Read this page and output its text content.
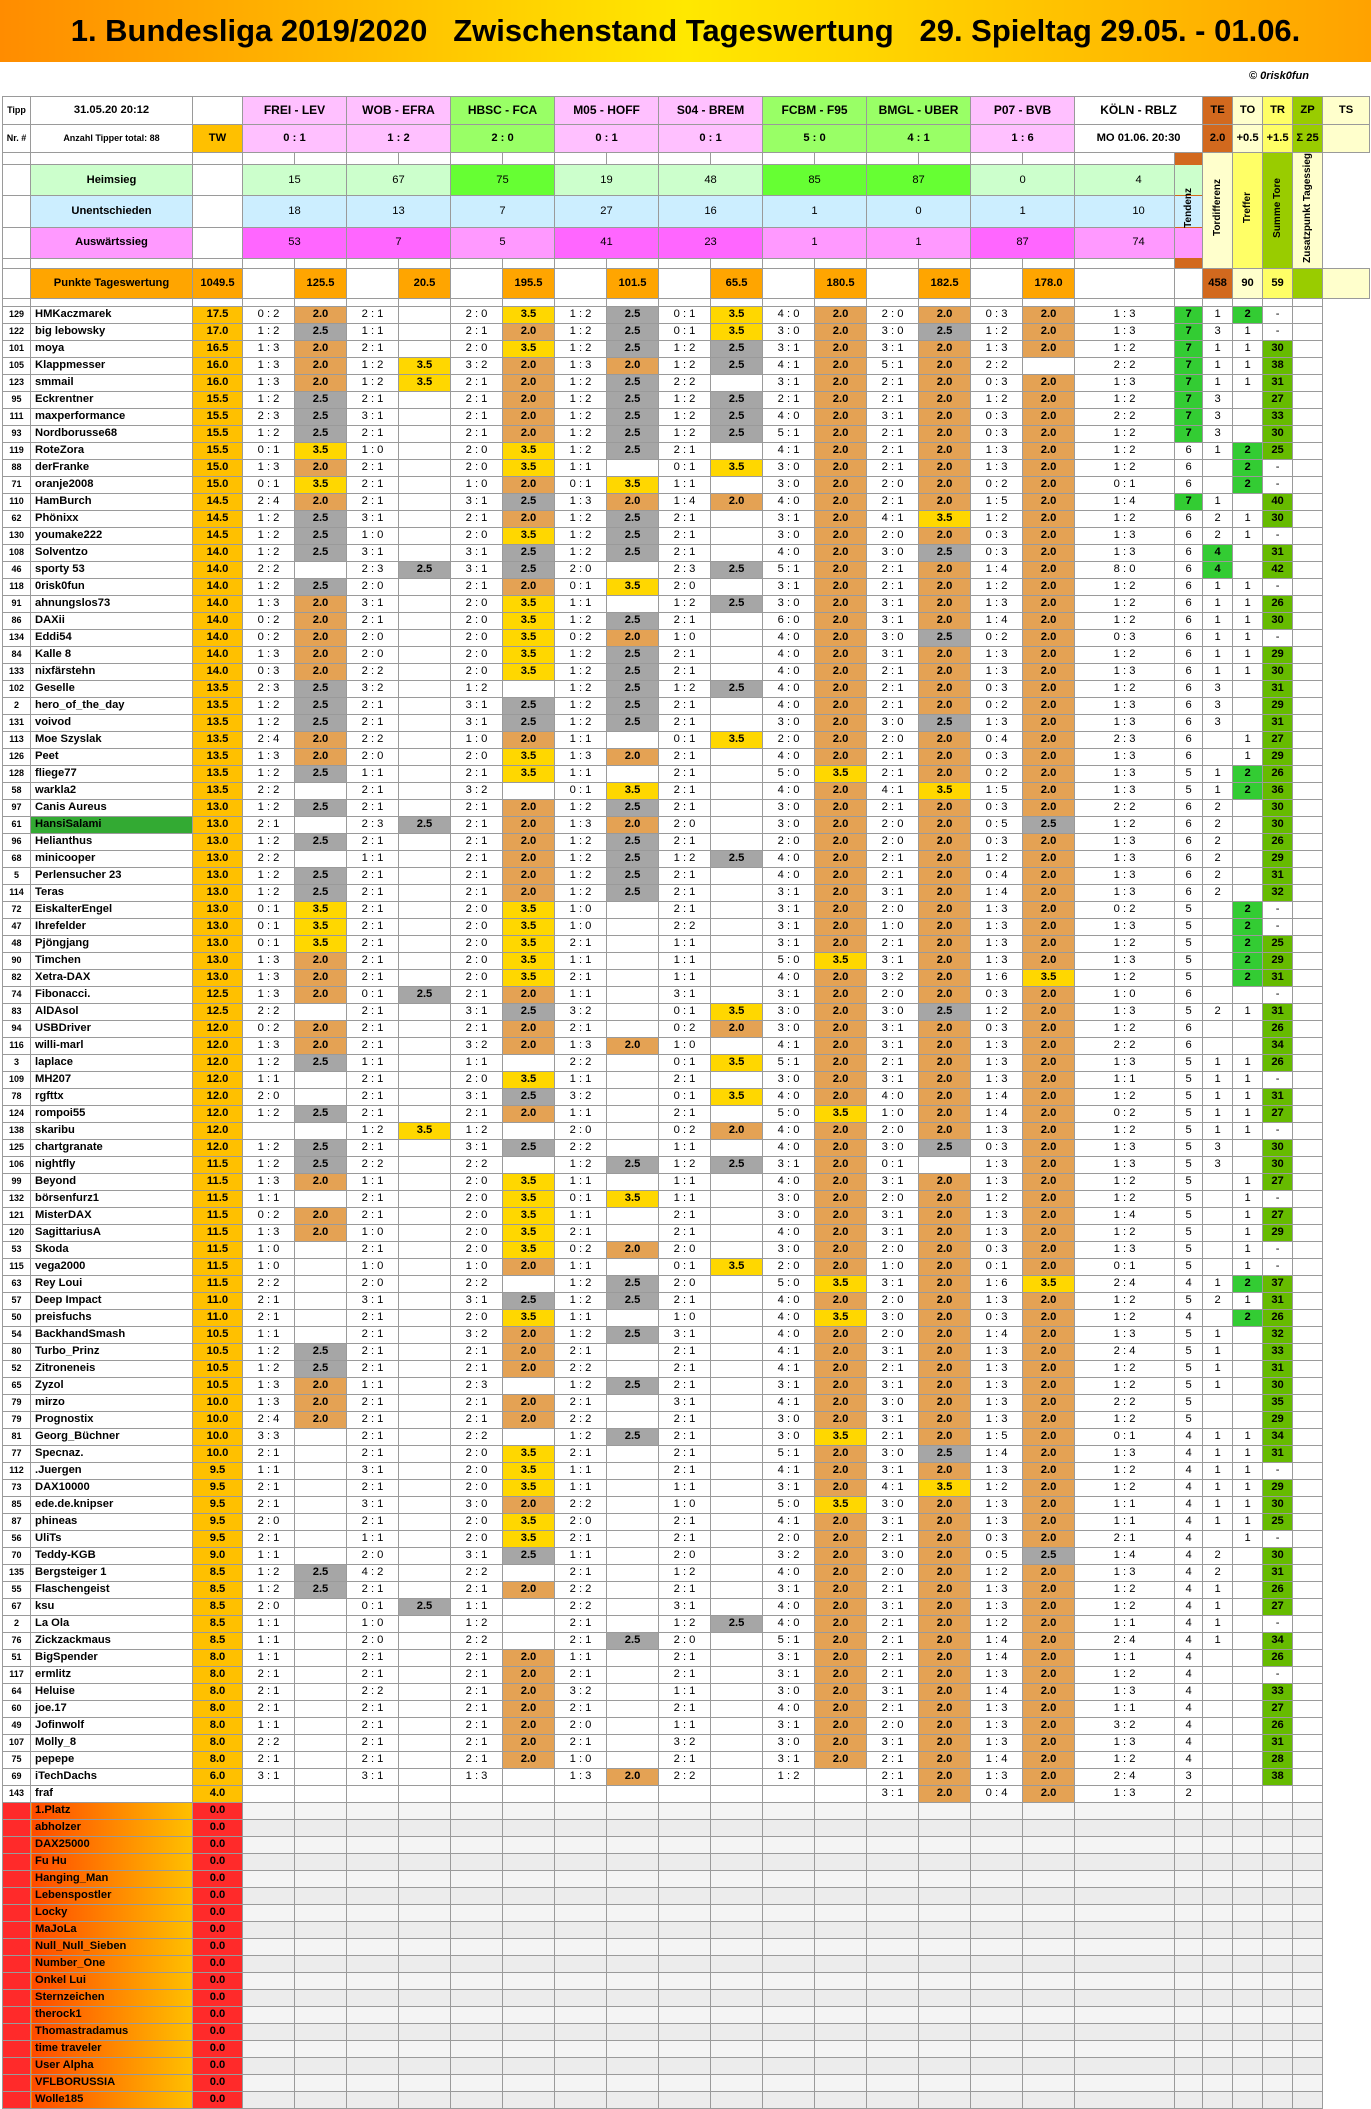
1. Bundesliga 2019/2020   Zwischenstand Tageswertung   29. Spieltag 29.05. - 01.06.
© 0risk0fun
Tipp	31.05.20 20:12		FREI - LEV		WOB - EFRA		HBSC - FCA		M05 - HOFF		S04 - BREM		FCBM - F95		BMGL - UBER		P07 - BVB		KÖLN - RBLZ		TE	TO	TR	ZP	TS
Nr. #	Anzahl Tipper total: 88	TW	0 : 1		1 : 2		2 : 0		0 : 1		0 : 1		5 : 0		4 : 1		1 : 6		MO 01.06. 20:30		2.0	+0.5	+1.5	Σ 25	
																				Tendenz	Tordifferenz	Treffer	Summe Tore	Zusatzpunkt Tagessieg	
	Heimsieg		15		67		75		19		48		85		87		0		4						
	Unentschieden		18		13		7		27		16		1		0		1		10						
	Auswärtssieg		53		7		5		41		23		1		1		87		74						

	Punkte Tageswertung	1049.5		125.5		20.5		195.5		101.5		65.5		180.5		182.5		178.0			458	90	59		

129	HMKaczmarek	17.5	0 : 2	2.0	2 : 1		2 : 0	3.5	1 : 2	2.5	0 : 1	3.5	4 : 0	2.0	2 : 0	2.0	0 : 3	2.0	1 : 3	7	1	2	-		
122	big lebowsky	17.0	1 : 2	2.5	1 : 1		2 : 1	2.0	1 : 2	2.5	0 : 1	3.5	3 : 0	2.0	3 : 0	2.5	1 : 2	2.0	1 : 3	7	3	1	-		
101	moya	16.5	1 : 3	2.0	2 : 1		2 : 0	3.5	1 : 2	2.5	1 : 2	2.5	3 : 1	2.0	3 : 1	2.0	1 : 3	2.0	1 : 2	7	1	1	30		
105	Klappmesser	16.0	1 : 3	2.0	1 : 2	3.5	3 : 2	2.0	1 : 3	2.0	1 : 2	2.5	4 : 1	2.0	5 : 1	2.0	2 : 2		2 : 2	7	1	1	38		
123	smmail	16.0	1 : 3	2.0	1 : 2	3.5	2 : 1	2.0	1 : 2	2.5	2 : 2		3 : 1	2.0	2 : 1	2.0	0 : 3	2.0	1 : 3	7	1	1	31		
95	Eckrentner	15.5	1 : 2	2.5	2 : 1		2 : 1	2.0	1 : 2	2.5	1 : 2	2.5	2 : 1	2.0	2 : 1	2.0	1 : 2	2.0	1 : 2	7	3		27		
111	maxperformance	15.5	2 : 3	2.5	3 : 1		2 : 1	2.0	1 : 2	2.5	1 : 2	2.5	4 : 0	2.0	3 : 1	2.0	0 : 3	2.0	2 : 2	7	3		33		
93	Nordborusse68	15.5	1 : 2	2.5	2 : 1		2 : 1	2.0	1 : 2	2.5	1 : 2	2.5	5 : 1	2.0	2 : 1	2.0	0 : 3	2.0	1 : 2	7	3		30		
119	RoteZora	15.5	0 : 1	3.5	1 : 0		2 : 0	3.5	1 : 2	2.5	2 : 1		4 : 1	2.0	2 : 1	2.0	1 : 3	2.0	1 : 2	6	1	2	25		
88	derFranke	15.0	1 : 3	2.0	2 : 1		2 : 0	3.5	1 : 1		0 : 1	3.5	3 : 0	2.0	2 : 1	2.0	1 : 3	2.0	1 : 2	6		2	-		
71	oranje2008	15.0	0 : 1	3.5	2 : 1		1 : 0	2.0	0 : 1	3.5	1 : 1		3 : 0	2.0	2 : 0	2.0	0 : 2	2.0	0 : 1	6		2	-		
110	HamBurch	14.5	2 : 4	2.0	2 : 1		3 : 1	2.5	1 : 3	2.0	1 : 4	2.0	4 : 0	2.0	2 : 1	2.0	1 : 5	2.0	1 : 4	7	1		40		
62	Phönixx	14.5	1 : 2	2.5	3 : 1		2 : 1	2.0	1 : 2	2.5	2 : 1		3 : 1	2.0	4 : 1	3.5	1 : 2	2.0	1 : 2	6	2	1	30		
130	youmake222	14.5	1 : 2	2.5	1 : 0		2 : 0	3.5	1 : 2	2.5	2 : 1		3 : 0	2.0	2 : 0	2.0	0 : 3	2.0	1 : 3	6	2	1	-		
108	Solventzo	14.0	1 : 2	2.5	3 : 1		3 : 1	2.5	1 : 2	2.5	2 : 1		4 : 0	2.0	3 : 0	2.5	0 : 3	2.0	1 : 3	6	4		31		
46	sporty 53	14.0	2 : 2		2 : 3	2.5	3 : 1	2.5	2 : 0		2 : 3	2.5	5 : 1	2.0	2 : 1	2.0	1 : 4	2.0	8 : 0	6	4		42		
118	0risk0fun	14.0	1 : 2	2.5	2 : 0		2 : 1	2.0	0 : 1	3.5	2 : 0		3 : 1	2.0	2 : 1	2.0	1 : 2	2.0	1 : 2	6	1	1	-		
91	ahnungslos73	14.0	1 : 3	2.0	3 : 1		2 : 0	3.5	1 : 1		1 : 2	2.5	3 : 0	2.0	3 : 1	2.0	1 : 3	2.0	1 : 2	6	1	1	26		
86	DAXii	14.0	0 : 2	2.0	2 : 1		2 : 0	3.5	1 : 2	2.5	2 : 1		6 : 0	2.0	3 : 1	2.0	1 : 4	2.0	1 : 2	6	1	1	30		
134	Eddi54	14.0	0 : 2	2.0	2 : 0		2 : 0	3.5	0 : 2	2.0	1 : 0		4 : 0	2.0	3 : 0	2.5	0 : 2	2.0	0 : 3	6	1	1	-		
84	Kalle 8	14.0	1 : 3	2.0	2 : 0		2 : 0	3.5	1 : 2	2.5	2 : 1		4 : 0	2.0	3 : 1	2.0	1 : 3	2.0	1 : 2	6	1	1	29		
133	nixfärstehn	14.0	0 : 3	2.0	2 : 2		2 : 0	3.5	1 : 2	2.5	2 : 1		4 : 0	2.0	2 : 1	2.0	1 : 3	2.0	1 : 3	6	1	1	30		
102	Geselle	13.5	2 : 3	2.5	3 : 2		1 : 2		1 : 2	2.5	1 : 2	2.5	4 : 0	2.0	2 : 1	2.0	0 : 3	2.0	1 : 2	6	3		31		
2	hero_of_the_day	13.5	1 : 2	2.5	2 : 1		3 : 1	2.5	1 : 2	2.5	2 : 1		4 : 0	2.0	2 : 1	2.0	0 : 2	2.0	1 : 3	6	3		29		
131	voivod	13.5	1 : 2	2.5	2 : 1		3 : 1	2.5	1 : 2	2.5	2 : 1		3 : 0	2.0	3 : 0	2.5	1 : 3	2.0	1 : 3	6	3		31		
113	Moe Szyslak	13.5	2 : 4	2.0	2 : 2		1 : 0	2.0	1 : 1		0 : 1	3.5	2 : 0	2.0	2 : 0	2.0	0 : 4	2.0	2 : 3	6		1	27		
126	Peet	13.5	1 : 3	2.0	2 : 0		2 : 0	3.5	1 : 3	2.0	2 : 1		4 : 0	2.0	2 : 1	2.0	0 : 3	2.0	1 : 3	6		1	29		
128	fliege77	13.5	1 : 2	2.5	1 : 1		2 : 1	3.5	1 : 1		2 : 1		5 : 0	3.5	2 : 1	2.0	0 : 2	2.0	1 : 3	5	1	2	26		
58	warkla2	13.5	2 : 2		2 : 1		3 : 2		0 : 1	3.5	2 : 1		4 : 0	2.0	4 : 1	3.5	1 : 5	2.0	1 : 3	5	1	2	36		
97	Canis Aureus	13.0	1 : 2	2.5	2 : 1		2 : 1	2.0	1 : 2	2.5	2 : 1		3 : 0	2.0	2 : 1	2.0	0 : 3	2.0	2 : 2	6	2		30		
61	HansiSalami	13.0	2 : 1		2 : 3	2.5	2 : 1	2.0	1 : 3	2.0	2 : 0		3 : 0	2.0	2 : 0	2.0	0 : 5	2.5	1 : 2	6	2		30		
96	Helianthus	13.0	1 : 2	2.5	2 : 1		2 : 1	2.0	1 : 2	2.5	2 : 1		2 : 0	2.0	2 : 0	2.0	0 : 3	2.0	1 : 3	6	2		26		
68	minicooper	13.0	2 : 2		1 : 1		2 : 1	2.0	1 : 2	2.5	1 : 2	2.5	4 : 0	2.0	2 : 1	2.0	1 : 2	2.0	1 : 3	6	2		29		
5	Perlensucher 23	13.0	1 : 2	2.5	2 : 1		2 : 1	2.0	1 : 2	2.5	2 : 1		4 : 0	2.0	2 : 1	2.0	0 : 4	2.0	1 : 3	6	2		31		
114	Teras	13.0	1 : 2	2.5	2 : 1		2 : 1	2.0	1 : 2	2.5	2 : 1		3 : 1	2.0	3 : 1	2.0	1 : 4	2.0	1 : 3	6	2		32		
72	EiskalterEngel	13.0	0 : 1	3.5	2 : 1		2 : 0	3.5	1 : 0		2 : 1		3 : 1	2.0	2 : 0	2.0	1 : 3	2.0	0 : 2	5		2	-		
47	Ihrefelder	13.0	0 : 1	3.5	2 : 1		2 : 0	3.5	1 : 0		2 : 2		3 : 1	2.0	1 : 0	2.0	1 : 3	2.0	1 : 3	5		2	-		
48	Pjöngjang	13.0	0 : 1	3.5	2 : 1		2 : 0	3.5	2 : 1		1 : 1		3 : 1	2.0	2 : 1	2.0	1 : 3	2.0	1 : 2	5		2	25		
90	Timchen	13.0	1 : 3	2.0	2 : 1		2 : 0	3.5	1 : 1		1 : 1		5 : 0	3.5	3 : 1	2.0	1 : 3	2.0	1 : 3	5		2	29		
82	Xetra-DAX	13.0	1 : 3	2.0	2 : 1		2 : 0	3.5	2 : 1		1 : 1		4 : 0	2.0	3 : 2	2.0	1 : 6	3.5	1 : 2	5		2	31		
74	Fibonacci.	12.5	1 : 3	2.0	0 : 1	2.5	2 : 1	2.0	1 : 1		3 : 1		3 : 1	2.0	2 : 0	2.0	0 : 3	2.0	1 : 0	6			-		
83	AlDAsol	12.5	2 : 2		2 : 1		3 : 1	2.5	3 : 2		0 : 1	3.5	3 : 0	2.0	3 : 0	2.5	1 : 2	2.0	1 : 3	5	2	1	31		
94	USBDriver	12.0	0 : 2	2.0	2 : 1		2 : 1	2.0	2 : 1		0 : 2	2.0	3 : 0	2.0	3 : 1	2.0	0 : 3	2.0	1 : 2	6			26		
116	willi-marl	12.0	1 : 3	2.0	2 : 1		3 : 2	2.0	1 : 3	2.0	1 : 0		4 : 1	2.0	3 : 1	2.0	1 : 3	2.0	2 : 2	6			34		
3	laplace	12.0	1 : 2	2.5	1 : 1		1 : 1		2 : 2		0 : 1	3.5	5 : 1	2.0	2 : 1	2.0	1 : 3	2.0	1 : 3	5	1	1	26		
109	MH207	12.0	1 : 1		2 : 1		2 : 0	3.5	1 : 1		2 : 1		3 : 0	2.0	3 : 1	2.0	1 : 3	2.0	1 : 1	5	1	1	-		
78	rgfttx	12.0	2 : 0		2 : 1		3 : 1	2.5	3 : 2		0 : 1	3.5	4 : 0	2.0	4 : 0	2.0	1 : 4	2.0	1 : 2	5	1	1	31		
124	rompoi55	12.0	1 : 2	2.5	2 : 1		2 : 1	2.0	1 : 1		2 : 1		5 : 0	3.5	1 : 0	2.0	1 : 4	2.0	0 : 2	5	1	1	27		
138	skaribu	12.0			1 : 2	3.5	1 : 2		2 : 0		0 : 2	2.0	4 : 0	2.0	2 : 0	2.0	1 : 3	2.0	1 : 2	5	1	1	-		
125	chartgranate	12.0	1 : 2	2.5	2 : 1		3 : 1	2.5	2 : 2		1 : 1		4 : 0	2.0	3 : 0	2.5	0 : 3	2.0	1 : 3	5	3		30		
106	nightfly	11.5	1 : 2	2.5	2 : 2		2 : 2		1 : 2	2.5	1 : 2	2.5	3 : 1	2.0	0 : 1		1 : 3	2.0	1 : 3	5	3		30		
99	Beyond	11.5	1 : 3	2.0	1 : 1		2 : 0	3.5	1 : 1		1 : 1		4 : 0	2.0	3 : 1	2.0	1 : 3	2.0	1 : 2	5		1	27		
132	börsenfurz1	11.5	1 : 1		2 : 1		2 : 0	3.5	0 : 1	3.5	1 : 1		3 : 0	2.0	2 : 0	2.0	1 : 2	2.0	1 : 2	5		1	-		
121	MisterDAX	11.5	0 : 2	2.0	2 : 1		2 : 0	3.5	1 : 1		2 : 1		3 : 0	2.0	3 : 1	2.0	1 : 3	2.0	1 : 4	5		1	27		
120	SagittariusA	11.5	1 : 3	2.0	1 : 0		2 : 0	3.5	2 : 1		2 : 1		4 : 0	2.0	3 : 1	2.0	1 : 3	2.0	1 : 2	5		1	29		
53	Skoda	11.5	1 : 0		2 : 1		2 : 0	3.5	0 : 2	2.0	2 : 0		3 : 0	2.0	2 : 0	2.0	0 : 3	2.0	1 : 3	5		1	-		
115	vega2000	11.5	1 : 0		1 : 0		1 : 0	2.0	1 : 1		0 : 1	3.5	2 : 0	2.0	1 : 0	2.0	0 : 1	2.0	0 : 1	5		1	-		
63	Rey Loui	11.5	2 : 2		2 : 0		2 : 2		1 : 2	2.5	2 : 0		5 : 0	3.5	3 : 1	2.0	1 : 6	3.5	2 : 4	4	1	2	37		
57	Deep Impact	11.0	2 : 1		3 : 1		3 : 1	2.5	1 : 2	2.5	2 : 1		4 : 0	2.0	2 : 0	2.0	1 : 3	2.0	1 : 2	5	2	1	31		
50	preisfuchs	11.0	2 : 1		2 : 1		2 : 0	3.5	1 : 1		1 : 0		4 : 0	3.5	3 : 0	2.0	0 : 3	2.0	1 : 2	4		2	26		
54	BackhandSmash	10.5	1 : 1		2 : 1		3 : 2	2.0	1 : 2	2.5	3 : 1		4 : 0	2.0	2 : 0	2.0	1 : 4	2.0	1 : 3	5	1		32		
80	Turbo_Prinz	10.5	1 : 2	2.5	2 : 1		2 : 1	2.0	2 : 1		2 : 1		4 : 1	2.0	3 : 1	2.0	1 : 3	2.0	2 : 4	5	1		33		
52	Zitroneneis	10.5	1 : 2	2.5	2 : 1		2 : 1	2.0	2 : 2		2 : 1		4 : 1	2.0	2 : 1	2.0	1 : 3	2.0	1 : 2	5	1		31		
65	Zyzol	10.5	1 : 3	2.0	1 : 1		2 : 3		1 : 2	2.5	2 : 1		3 : 1	2.0	3 : 1	2.0	1 : 3	2.0	1 : 2	5	1		30		
79	mirzo	10.0	1 : 3	2.0	2 : 1		2 : 1	2.0	2 : 1		3 : 1		4 : 1	2.0	3 : 0	2.0	1 : 3	2.0	2 : 2	5			35		
79	Prognostix	10.0	2 : 4	2.0	2 : 1		2 : 1	2.0	2 : 2		2 : 1		3 : 0	2.0	3 : 1	2.0	1 : 3	2.0	1 : 2	5			29		
81	Georg_Büchner	10.0	3 : 3		2 : 1		2 : 2		1 : 2	2.5	2 : 1		3 : 0	3.5	2 : 1	2.0	1 : 5	2.0	0 : 1	4	1	1	34		
77	Specnaz.	10.0	2 : 1		2 : 1		2 : 0	3.5	2 : 1		2 : 1		5 : 1	2.0	3 : 0	2.5	1 : 4	2.0	1 : 3	4	1	1	31		
112	.Juergen	9.5	1 : 1		3 : 1		2 : 0	3.5	1 : 1		2 : 1		4 : 1	2.0	3 : 1	2.0	1 : 3	2.0	1 : 2	4	1	1	-		
73	DAX10000	9.5	2 : 1		2 : 1		2 : 0	3.5	1 : 1		1 : 1		3 : 1	2.0	4 : 1	3.5	1 : 2	2.0	1 : 2	4	1	1	29		
85	ede.de.knipser	9.5	2 : 1		3 : 1		3 : 0	2.0	2 : 2		1 : 0		5 : 0	3.5	3 : 0	2.0	1 : 3	2.0	1 : 1	4	1	1	30		
87	phineas	9.5	2 : 0		2 : 1		2 : 0	3.5	2 : 0		2 : 1		4 : 1	2.0	3 : 1	2.0	1 : 3	2.0	1 : 1	4	1	1	25		
56	UliTs	9.5	2 : 1		1 : 1		2 : 0	3.5	2 : 1		2 : 1		2 : 0	2.0	2 : 1	2.0	0 : 3	2.0	2 : 1	4		1	-		
70	Teddy-KGB	9.0	1 : 1		2 : 0		3 : 1	2.5	1 : 1		2 : 0		3 : 2	2.0	3 : 0	2.0	0 : 5	2.5	1 : 4	4	2		30		
135	Bergsteiger 1	8.5	1 : 2	2.5	4 : 2		2 : 2		2 : 1		1 : 2		4 : 0	2.0	2 : 0	2.0	1 : 2	2.0	1 : 3	4	2		31		
55	Flaschengeist	8.5	1 : 2	2.5	2 : 1		2 : 1	2.0	2 : 2		2 : 1		3 : 1	2.0	2 : 1	2.0	1 : 3	2.0	1 : 2	4	1		26		
67	ksu	8.5	2 : 0		0 : 1	2.5	1 : 1		2 : 2		3 : 1		4 : 0	2.0	3 : 1	2.0	1 : 3	2.0	1 : 2	4	1		27		
2	La Ola	8.5	1 : 1		1 : 0		1 : 2		2 : 1		1 : 2	2.5	4 : 0	2.0	2 : 1	2.0	1 : 2	2.0	1 : 1	4	1		-		
76	Zickzackmaus	8.5	1 : 1		2 : 0		2 : 2		2 : 1	2.5	2 : 0		5 : 1	2.0	2 : 1	2.0	1 : 4	2.0	2 : 4	4	1		34		
51	BigSpender	8.0	1 : 1		2 : 1		2 : 1	2.0	1 : 1		2 : 1		3 : 1	2.0	2 : 1	2.0	1 : 4	2.0	1 : 1	4			26		
117	ermlitz	8.0	2 : 1		2 : 1		2 : 1	2.0	2 : 1		2 : 1		3 : 1	2.0	2 : 1	2.0	1 : 3	2.0	1 : 2	4			-		
64	Heluise	8.0	2 : 1		2 : 2		2 : 1	2.0	3 : 2		1 : 1		3 : 0	2.0	3 : 1	2.0	1 : 4	2.0	1 : 3	4			33		
60	joe.17	8.0	2 : 1		2 : 1		2 : 1	2.0	2 : 1		2 : 1		4 : 0	2.0	2 : 1	2.0	1 : 3	2.0	1 : 1	4			27		
49	Jofinwolf	8.0	1 : 1		2 : 1		2 : 1	2.0	2 : 0		1 : 1		3 : 1	2.0	2 : 0	2.0	1 : 3	2.0	3 : 2	4			26		
107	Molly_8	8.0	2 : 2		2 : 1		2 : 1	2.0	2 : 1		3 : 2		3 : 0	2.0	3 : 1	2.0	1 : 3	2.0	1 : 3	4			31		
75	pepepe	8.0	2 : 1		2 : 1		2 : 1	2.0	1 : 0		2 : 1		3 : 1	2.0	2 : 1	2.0	1 : 4	2.0	1 : 2	4			28		
69	iTechDachs	6.0	3 : 1		3 : 1		1 : 3		1 : 3	2.0	2 : 2		1 : 2		2 : 1	2.0	1 : 3	2.0	2 : 4	3			38		
143	fraf	4.0													3 : 1	2.0	0 : 4	2.0	1 : 3	2					
	1.Platz	0.0																							
	abholzer	0.0																							
	DAX25000	0.0																							
	Fu Hu	0.0																							
	Hanging_Man	0.0																							
	Lebenspostler	0.0																							
	Locky	0.0																							
	MaJoLa	0.0																							
	Null_Null_Sieben	0.0																							
	Number_One	0.0																							
	Onkel Lui	0.0																							
	Sternzeichen	0.0																							
	therock1	0.0																							
	Thomastradamus	0.0																							
	time traveler	0.0																							
	User Alpha	0.0																							
	VFLBORUSSIA	0.0																							
	Wolle185	0.0																							
